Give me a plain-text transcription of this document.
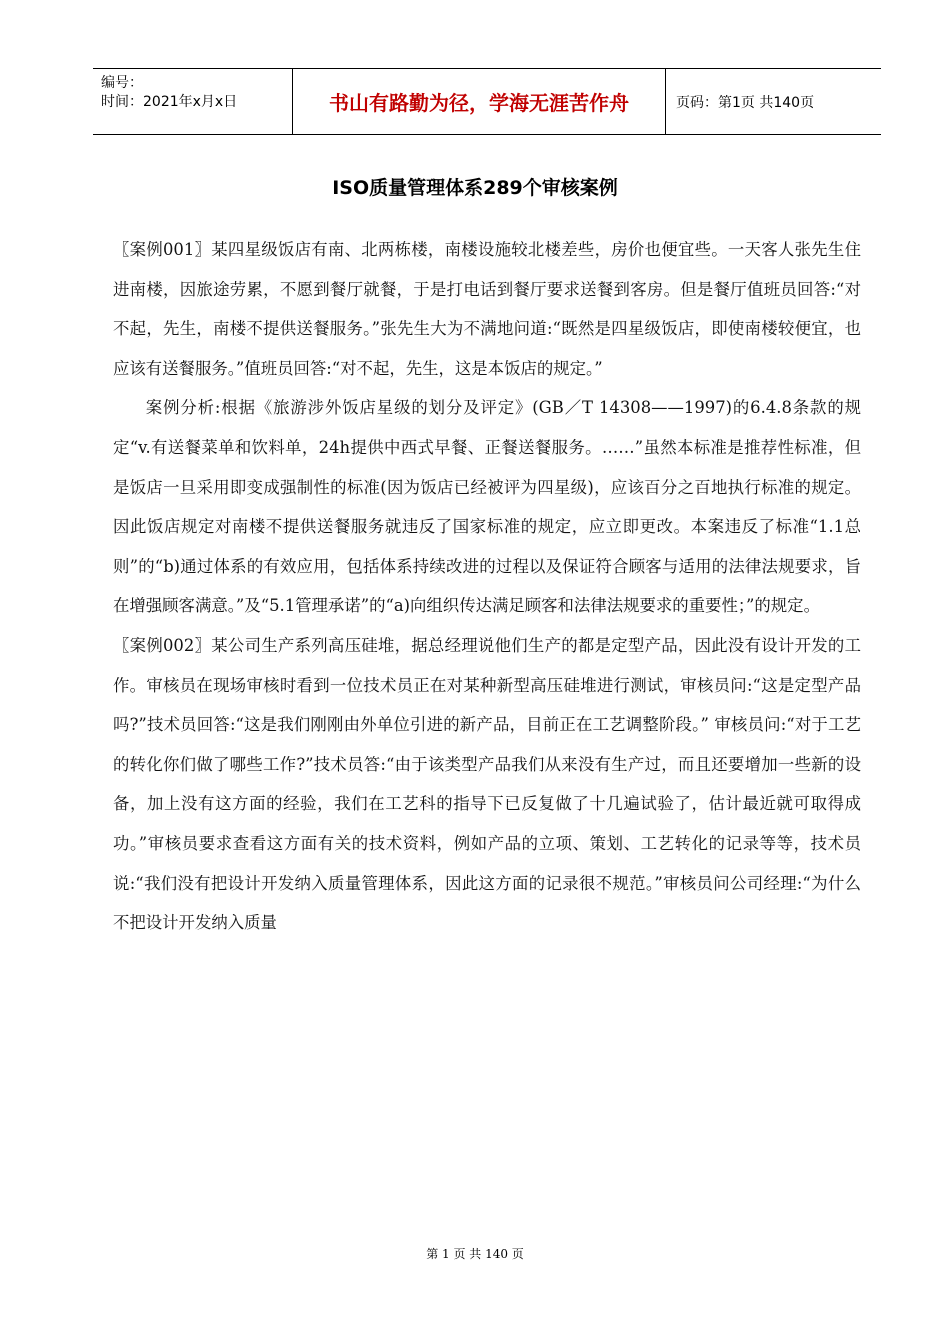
编号：
时间：2021年x月x日	书山有路勤为径，学海无涯苦作舟	页码：第1页 共140页
ISO质量管理体系289个审核案例

〖案例001〗某四星级饭店有南、北两栋楼，南楼设施较北楼差些，房价也便宜些。一天客人张先生住进南楼，因旅途劳累，不愿到餐厅就餐，于是打电话到餐厅要求送餐到客房。但是餐厅值班员回答:“对不起，先生，南楼不提供送餐服务。”张先生大为不满地问道:“既然是四星级饭店，即使南楼较便宜，也应该有送餐服务。”值班员回答:“对不起，先生，这是本饭店的规定。”

案例分析:根据《旅游涉外饭店星级的划分及评定》(GB／T 14308——1997)的6.4.8条款的规定“v.有送餐菜单和饮料单，24h提供中西式早餐、正餐送餐服务。……”虽然本标准是推荐性标准，但是饭店一旦采用即变成强制性的标准(因为饭店已经被评为四星级)，应该百分之百地执行标准的规定。因此饭店规定对南楼不提供送餐服务就违反了国家标准的规定，应立即更改。本案违反了标准“1.1总则”的“b)通过体系的有效应用，包括体系持续改进的过程以及保证符合顾客与适用的法律法规要求，旨在增强顾客满意。”及“5.1管理承诺”的“a)向组织传达满足顾客和法律法规要求的重要性；”的规定。

〖案例002〗某公司生产系列高压硅堆，据总经理说他们生产的都是定型产品，因此没有设计开发的工作。审核员在现场审核时看到一位技术员正在对某种新型高压硅堆进行测试，审核员问:“这是定型产品吗?”技术员回答:“这是我们刚刚由外单位引进的新产品，目前正在工艺调整阶段。” 审核员问:“对于工艺的转化你们做了哪些工作?”技术员答:“由于该类型产品我们从来没有生产过，而且还要增加一些新的设备，加上没有这方面的经验，我们在工艺科的指导下已反复做了十几遍试验了，估计最近就可取得成功。”审核员要求查看这方面有关的技术资料，例如产品的立项、策划、工艺转化的记录等等，技术员说:“我们没有把设计开发纳入质量管理体系，因此这方面的记录很不规范。”审核员问公司经理:“为什么不把设计开发纳入质量

第 1 页 共 140 页
